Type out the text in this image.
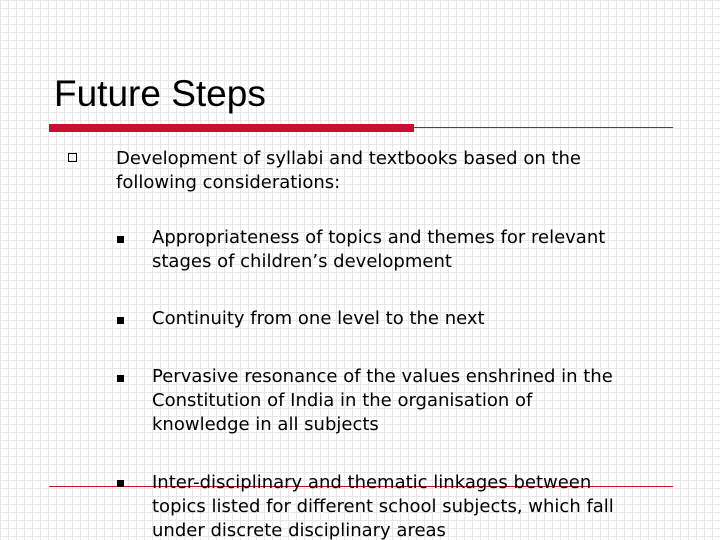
Future Steps
Development of syllabi and textbooks based on the
following considerations:
Appropriateness of topics and themes for relevant
stages of children’s development
Continuity from one level to the next
Pervasive resonance of the values enshrined in the
Constitution of India in the organisation of
knowledge in all subjects
Inter-disciplinary and thematic linkages between
topics listed for different school subjects, which fall
under discrete disciplinary areas
